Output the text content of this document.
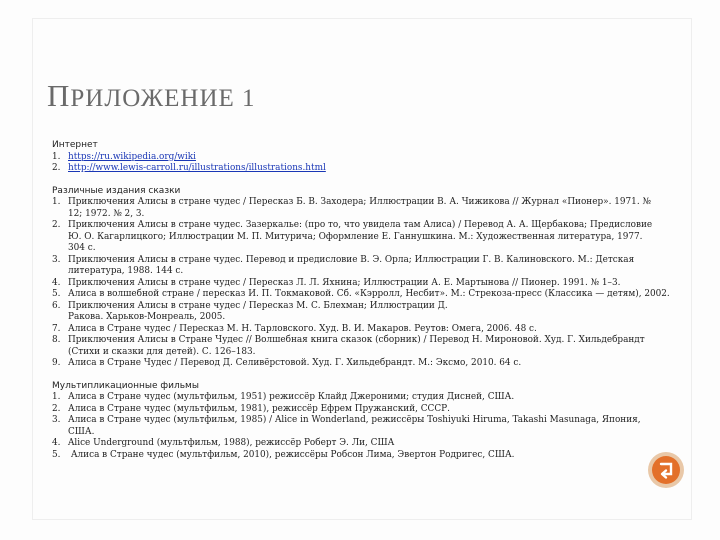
ПРИЛОЖЕНИЕ 1
Интернет
1. https://ru.wikipedia.org/wiki
2. http://www.lewis-carroll.ru/illustrations/illustrations.html
Различные издания сказки
1. Приключения Алисы в стране чудес / Пересказ Б. В. Заходера; Иллюстрации В. А. Чижикова // Журнал «Пионер». 1971. №
12; 1972. № 2, 3.
2. Приключения Алисы в стране чудес. Зазеркалье: (про то, что увидела там Алиса) / Перевод А. А. Щербакова; Предисловие
Ю. О. Кагарлицкого; Иллюстрации М. П. Митурича; Оформление Е. Ганнушкина. М.: Художественная литература, 1977.
304 с.
3. Приключения Алисы в стране чудес. Перевод и предисловие В. Э. Орла; Иллюстрации Г. В. Калиновского. М.: Детская
литература, 1988. 144 с.
4. Приключения Алисы в стране чудес / Пересказ Л. Л. Яхнина; Иллюстрации А. Е. Мартынова // Пионер. 1991. № 1–3.
5. Алиса в волшебной стране / пересказ И. П. Токмаковой. Сб. «Кэрролл, Несбит». М.: Стрекоза-пресс (Классика — детям), 2002.
6. Приключения Алисы в стране чудес / Пересказ М. С. Блехман; Иллюстрации Д.
Ракова. Харьков-Монреаль, 2005.
7. Алиса в Стране чудес / Пересказ М. Н. Тарловского. Худ. В. И. Макаров. Реутов: Омега, 2006. 48 с.
8. Приключения Алисы в Стране Чудес // Волшебная книга сказок (сборник) / Перевод Н. Мироновой. Худ. Г. Хильдебрандт
(Стихи и сказки для детей). С. 126–183.
9. Алиса в Стране Чудес / Перевод Д. Селивёрстовой. Худ. Г. Хильдебрандт. М.: Эксмо, 2010. 64 с.
Мультипликационные фильмы
1. Алиса в Стране чудес (мультфильм, 1951) режиссёр Клайд Джероними; студия Дисней, США.
2. Алиса в Стране чудес (мультфильм, 1981), режиссёр Ефрем Пружанский, СССР.
3. Алиса в Стране чудес (мультфильм, 1985) / Alice in Wonderland, режиссёры Toshiyuki Hiruma, Takashi Masunaga, Япония,
США.
4. Alice Underground (мультфильм, 1988), режиссёр Роберт Э. Ли, США
5. Алиса в Стране чудес (мультфильм, 2010), режиссёры Робсон Лима, Эвертон Родригес, США.
